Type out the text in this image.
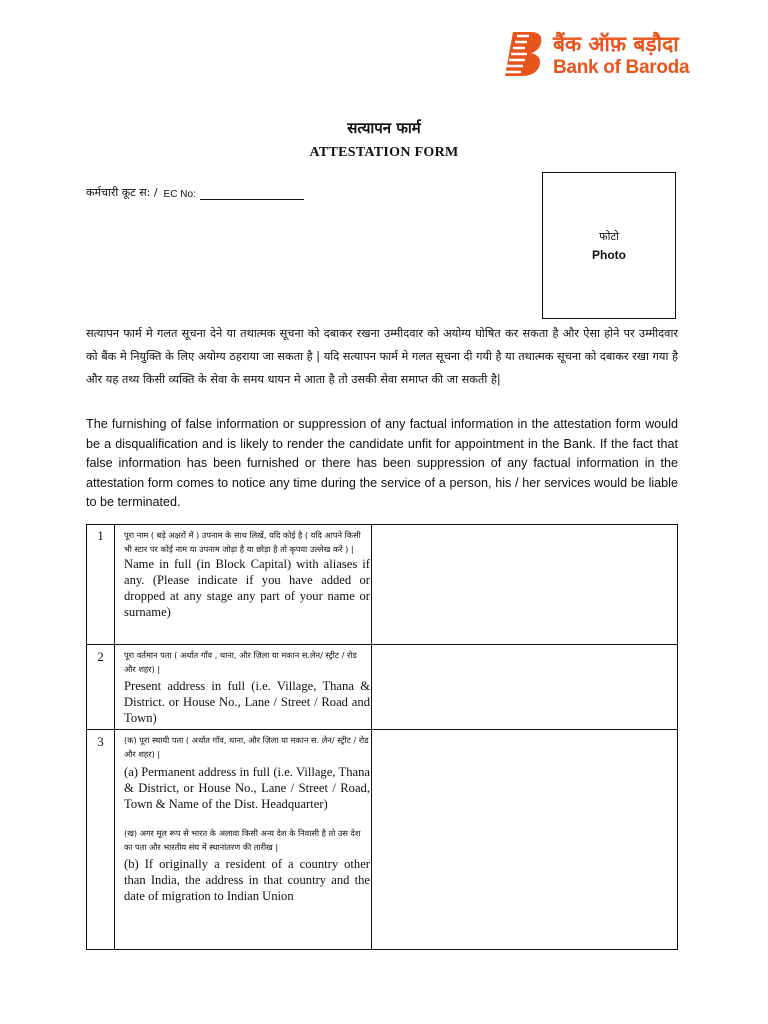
बैंक ऑफ़ बड़ौदा
Bank of Baroda
सत्यापन फार्म
ATTESTATION FORM
कर्मचारी कूट स: / EC No:
फोटो
Photo
सत्यापन फार्म मे गलत सूचना देने या तथात्मक सूचना को दबाकर रखना उम्मीदवार को अयोग्य घोषित कर सकता है और ऐसा होने पर उम्मीदवार को बैंक मे नियुक्ति के लिए अयोग्य ठहराया जा सकता है | यदि सत्यापन फार्म मे गलत सूचना दी गयी है या तथात्मक सूचना को दबाकर रखा गया है और यह तथ्य किसी व्यक्ति के सेवा के समय धायन मे आता है तो उसकी सेवा समाप्त की जा सकती है|
The furnishing of false information or suppression of any factual information in the attestation form would be a disqualification and is likely to render the candidate unfit for appointment in the Bank. If the fact that false information has been furnished or there has been suppression of any factual information in the attestation form comes to notice any time during the service of a person, his / her services would be liable to be terminated.
1	पूरा नाम ( बड़े अक्षरों में ) उपनाम के साथ लिखें, यदि कोई है ( यदि आपने किसी भी स्टार पर कोई नाम या उपनाम जोड़ा है या छोड़ा है तो कृपया उल्लेख करें ) |
Name in full (in Block Capital) with aliases if any. (Please indicate if you have added or dropped at any stage any part of your name or surname)
2	पूरा वर्तमान पता ( अर्थात गाँव , थाना, और ज़िला या मकान स.लेन/ स्ट्रीट / रोड और शहर) |
Present address in full (i.e. Village, Thana & District. or House No., Lane / Street / Road and Town)
3	(क) पूरा स्थायी पता ( अर्थात गाँव, थाना, और ज़िला या मकान स. लेन/ स्ट्रीट / रोड और शहर) |
(a) Permanent address in full (i.e. Village, Thana & District, or House No., Lane / Street / Road, Town & Name of the Dist. Headquarter)
(ख) अगर मूल रूप से भारत के अलावा किसी अन्य देश के निवासी है तो उस देश का पता और भारतीय संघ में स्थानांतरण की तारीख |
(b) If originally a resident of a country other than India, the address in that country and the date of migration to Indian Union
